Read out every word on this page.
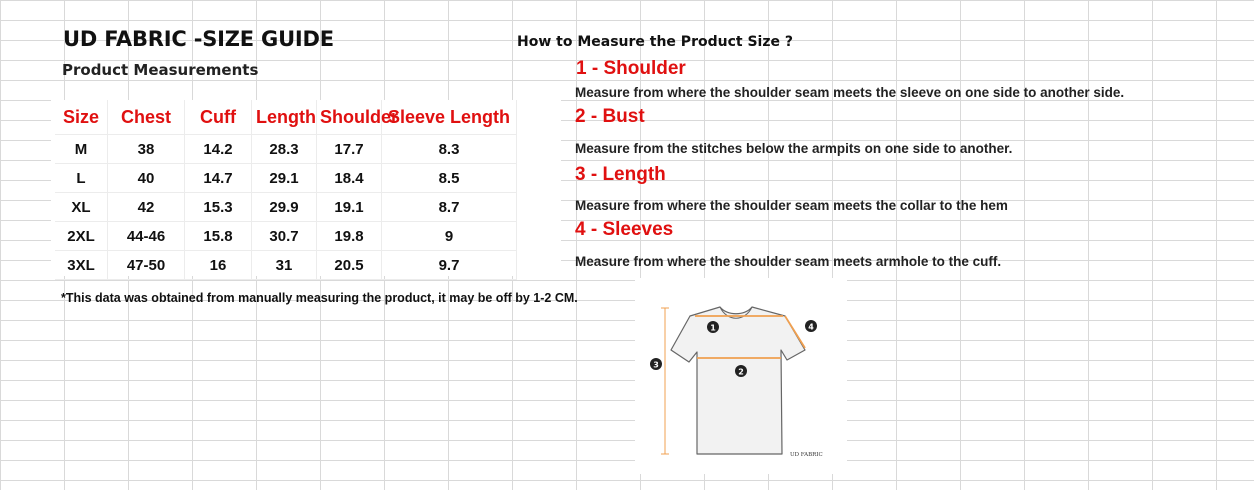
UD FABRIC -SIZE GUIDE
Product Measurements
How to Measure the Product Size ?
Size	Chest	Cuff	Length	Shoulder	Sleeve Length
M	38	14.2	28.3	17.7	8.3
L	40	14.7	29.1	18.4	8.5
XL	42	15.3	29.9	19.1	8.7
2XL	44-46	15.8	30.7	19.8	9
3XL	47-50	16	31	20.5	9.7
*This data was obtained from manually measuring the product, it may be off by 1-2 CM.
1 - Shoulder
Measure from where the shoulder seam meets the sleeve on one side to another side.
2 - Bust
Measure from the stitches below the armpits on one side to another.
3 - Length
Measure from where the shoulder seam meets the collar to the hem
4 - Sleeves
Measure from where the shoulder seam meets armhole to the cuff.
1
2
3
4
UD FABRIC
